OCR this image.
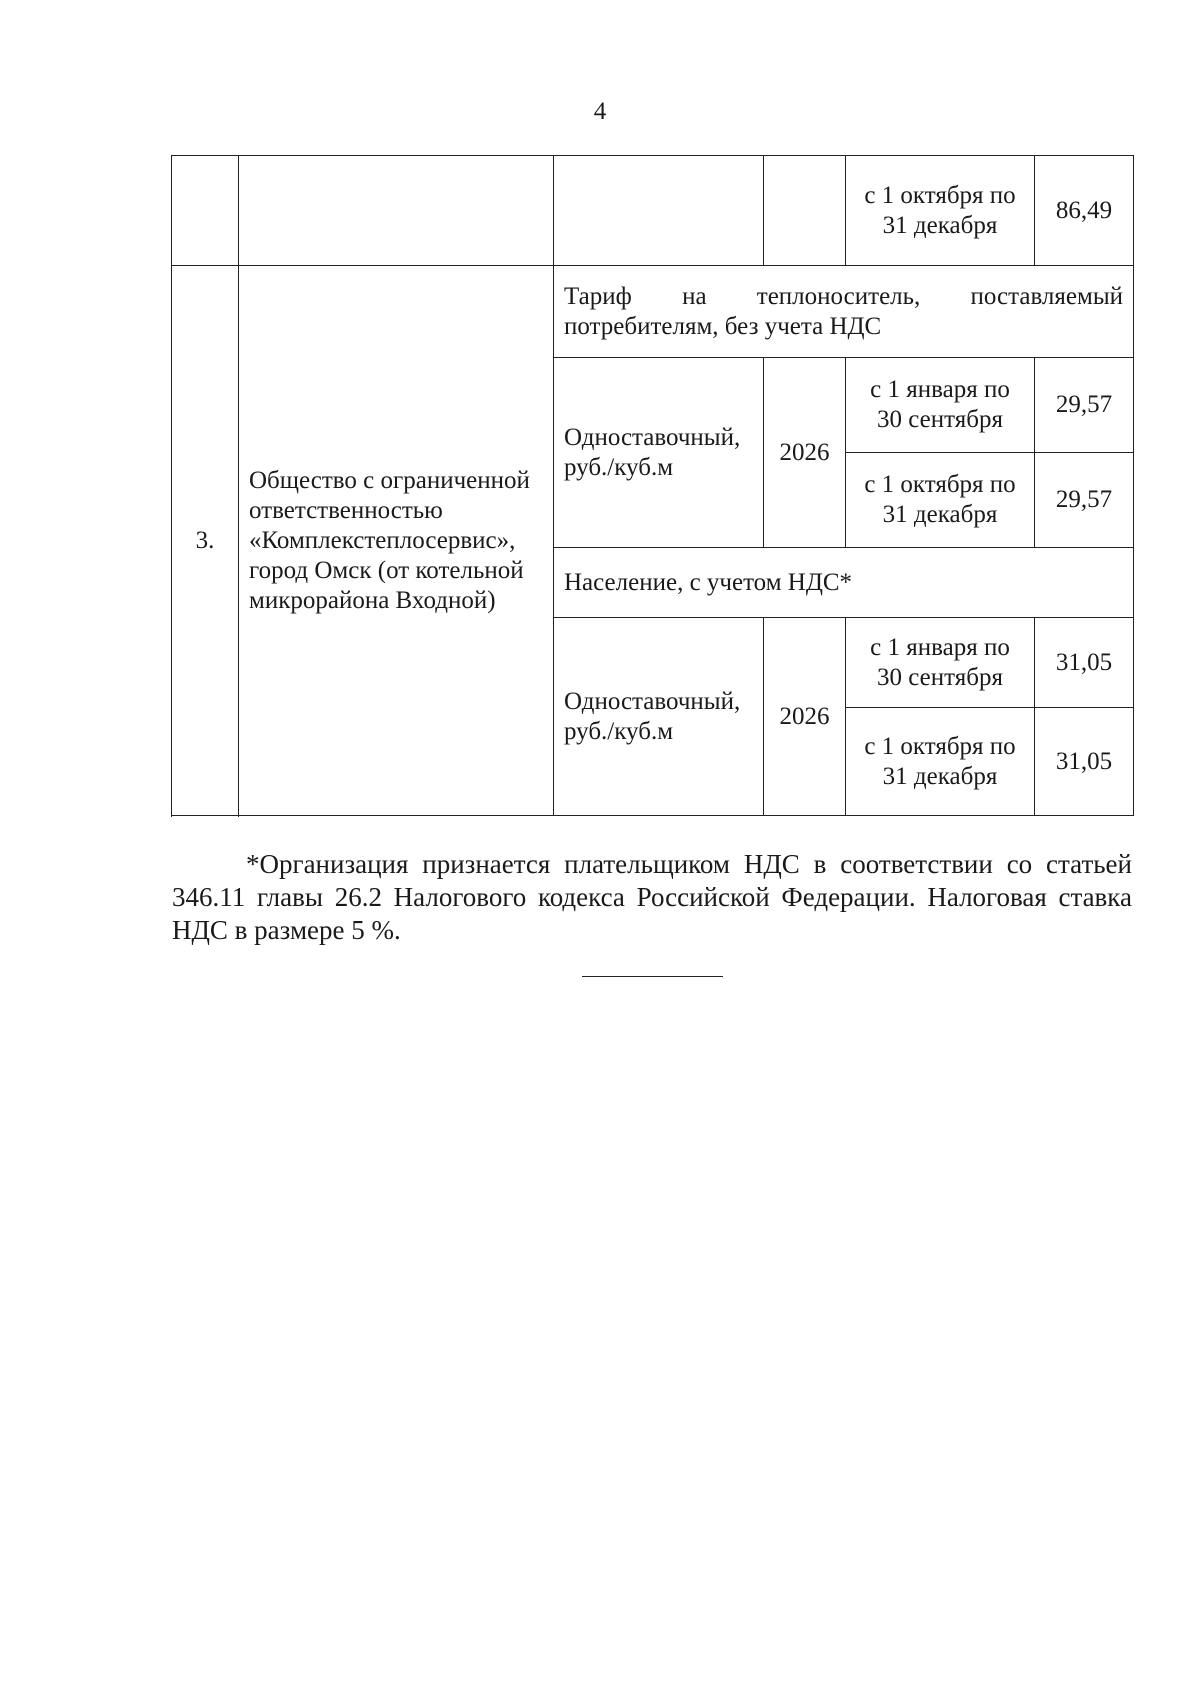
4
				с 1 октября по 31 декабря	86,49
3.	Общество с ограниченной ответственностью «Комплекстеплосервис», город Омск (от котельной микрорайона Входной)	Тариф на теплоноситель, поставляемый потребителям, без учета НДС			
		Одноставочный, руб./куб.м	2026	с 1 января по 30 сентября	29,57
				с 1 октября по 31 декабря	29,57
		Население, с учетом НДС*			
		Одноставочный, руб./куб.м	2026	с 1 января по 30 сентября	31,05
				с 1 октября по 31 декабря	31,05

*Организация признается плательщиком НДС в соответствии со статьей 346.11 главы 26.2 Налогового кодекса Российской Федерации. Налоговая ставка НДС в размере 5 %.
